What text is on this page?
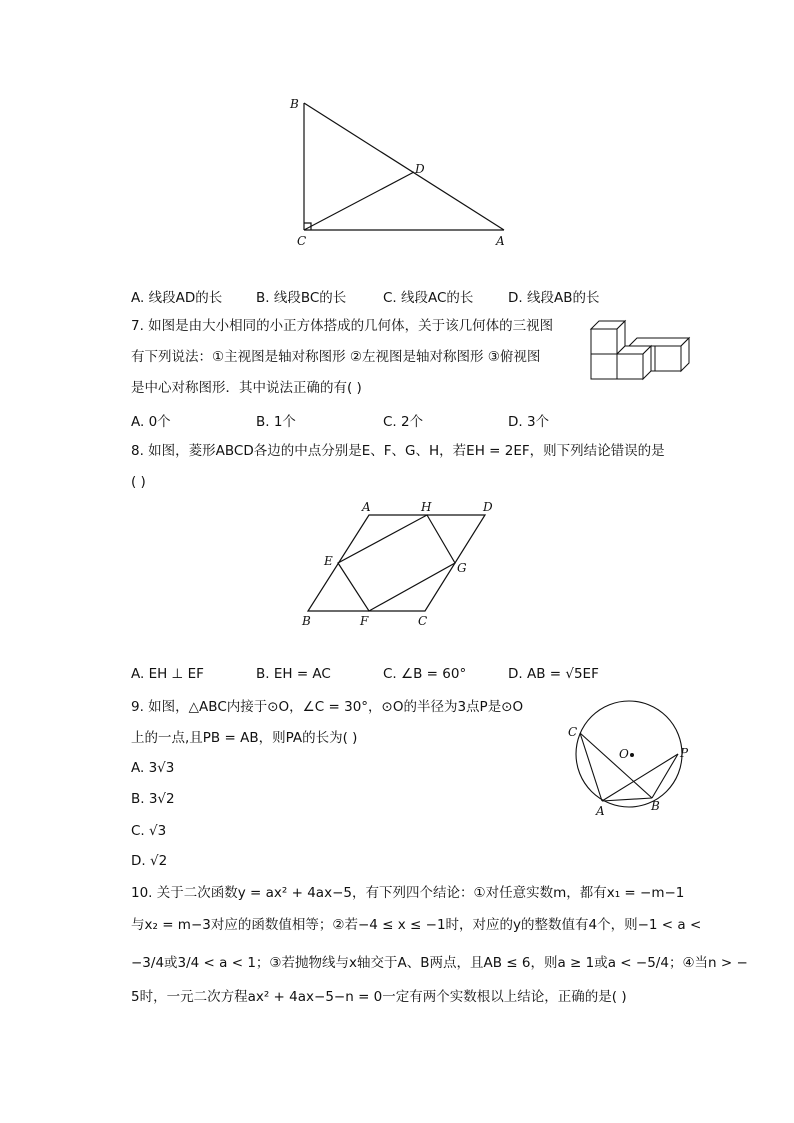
B
D
C	A
A. 线段AD的长	B. 线段BC的长	C. 线段AC的长	D. 线段AB的长
7. 如图是由大小相同的小正方体搭成的几何体，关于该几何体的三视图
有下列说法：①主视图是轴对称图形 ②左视图是轴对称图形 ③俯视图
是中心对称图形．其中说法正确的有( )
A. 0个	B. 1个	C. 2个	D. 3个
8. 如图，菱形ABCD各边的中点分别是E、F、G、H，若EH = 2EF，则下列结论错误的是
( )
A	H	D
E	G
B	F	C
A. EH ⊥ EF	B. EH = AC	C. ∠B = 60°	D. AB = √5EF
9. 如图，△ABC内接于⊙O，∠C = 30°，⊙O的半径为3点P是⊙O
上的一点,且PB = AB，则PA的长为( )	C
O	P
A	B
A. 3√3
B. 3√2
C. √3
D. √2
10. 关于二次函数y = ax² + 4ax−5，有下列四个结论：①对任意实数m，都有x₁ = −m−1
与x₂ = m−3对应的函数值相等；②若−4 ≤ x ≤ −1时，对应的y的整数值有4个，则−1 < a <
−3/4或3/4 < a < 1；③若抛物线与x轴交于A、B两点，且AB ≤ 6，则a ≥ 1或a < −5/4；④当n > −
5时，一元二次方程ax² + 4ax−5−n = 0一定有两个实数根以上结论，正确的是( )
